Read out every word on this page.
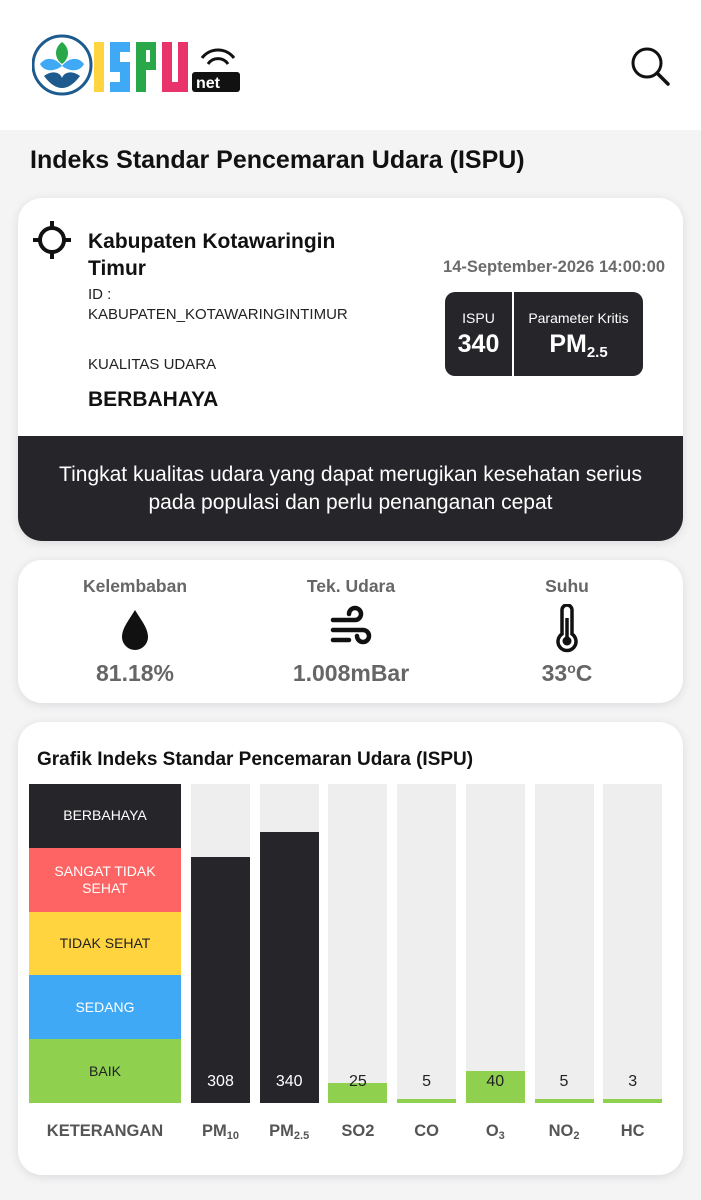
net
Indeks Standar Pencemaran Udara (ISPU)
Kabupaten Kotawaringin Timur
ID :
KABUPATEN_KOTAWARINGINTIMUR
KUALITAS UDARA
BERBAHAYA
14-September-2026 14:00:00
ISPU
340
Parameter Kritis
$PM_{2.5}$
Tingkat kualitas udara yang dapat merugikan kesehatan serius pada populasi dan perlu penanganan cepat
Kelembaban
81.18%
Tek. Udara
1.008mBar
Suhu
33$^o$C
Grafik Indeks Standar Pencemaran Udara (ISPU)
BERBAHAYA
SANGAT TIDAK SEHAT
TIDAK SEHAT
SEDANG
BAIK
KETERANGAN
308
$PM_{10}$
340
$PM_{2.5}$
25
SO2
5
CO
40
$O_3$
5
$NO_2$
3
HC
